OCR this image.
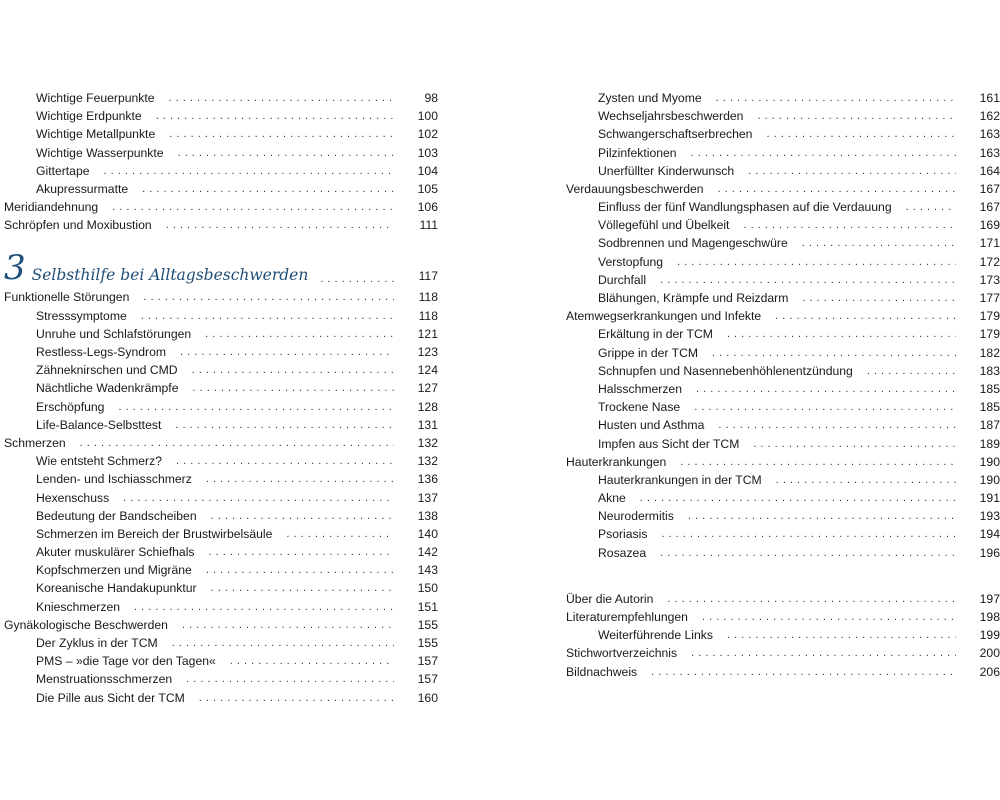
Wichtige Feuerpunkte . . .	98
Wichtige Erdpunkte . . .	100
Wichtige Metallpunkte . . .	102
Wichtige Wasserpunkte . . .	103
Gittertape . . .	104
Akupressurmatte . . .	105
Meridiandehnung . . .	106
Schröpfen und Moxibustion . . .	111
3 Selbsthilfe bei Alltagsbeschwerden . . .	117
Funktionelle Störungen . . .	118
Stresssymptome . . .	118
Unruhe und Schlafstörungen . . .	121
Restless-Legs-Syndrom . . .	123
Zähneknirschen und CMD . . .	124
Nächtliche Wadenkrämpfe . . .	127
Erschöpfung . . .	128
Life-Balance-Selbsttest . . .	131
Schmerzen . . .	132
Wie entsteht Schmerz? . . .	132
Lenden- und Ischiasschmerz . . .	136
Hexenschuss . . .	137
Bedeutung der Bandscheiben . . .	138
Schmerzen im Bereich der Brustwirbelsäule . . .	140
Akuter muskulärer Schiefhals . . .	142
Kopfschmerzen und Migräne . . .	143
Koreanische Handakupunktur . . .	150
Knieschmerzen . . .	151
Gynäkologische Beschwerden . . .	155
Der Zyklus in der TCM . . .	155
PMS – »die Tage vor den Tagen« . . .	157
Menstruationsschmerzen . . .	157
Die Pille aus Sicht der TCM . . .	160
Zysten und Myome . . .	161
Wechseljahrsbeschwerden . . .	162
Schwangerschaftserbrechen . . .	163
Pilzinfektionen . . .	163
Unerfüllter Kinderwunsch . . .	164
Verdauungsbeschwerden . . .	167
Einfluss der fünf Wandlungsphasen auf die Verdauung . . .	167
Völlegefühl und Übelkeit . . .	169
Sodbrennen und Magengeschwüre . . .	171
Verstopfung . . .	172
Durchfall . . .	173
Blähungen, Krämpfe und Reizdarm . . .	177
Atemwegserkrankungen und Infekte . . .	179
Erkältung in der TCM . . .	179
Grippe in der TCM . . .	182
Schnupfen und Nasennebenhöhlenentzündung . . .	183
Halsschmerzen . . .	185
Trockene Nase . . .	185
Husten und Asthma . . .	187
Impfen aus Sicht der TCM . . .	189
Hauterkrankungen . . .	190
Hauterkrankungen in der TCM . . .	190
Akne . . .	191
Neurodermitis . . .	193
Psoriasis . . .	194
Rosazea . . .	196
Über die Autorin . . .	197
Literaturempfehlungen . . .	198
Weiterführende Links . . .	199
Stichwortverzeichnis . . .	200
Bildnachweis . . .	206
